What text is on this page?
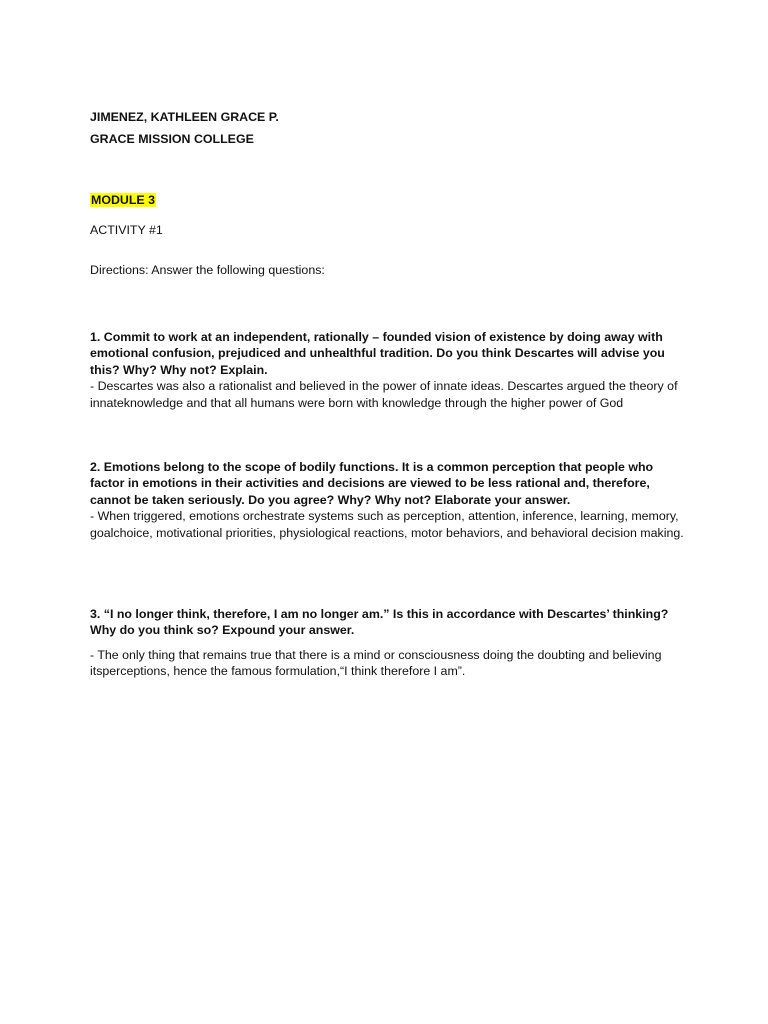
JIMENEZ, KATHLEEN GRACE P.
GRACE MISSION COLLEGE
MODULE 3
ACTIVITY #1
Directions: Answer the following questions:

1. Commit to work at an independent, rationally – founded vision of existence by doing away with emotional confusion, prejudiced and unhealthful tradition. Do you think Descartes will advise you this? Why? Why not? Explain.

- Descartes was also a rationalist and believed in the power of innate ideas. Descartes argued the theory of innateknowledge and that all humans were born with knowledge through the higher power of God

2. Emotions belong to the scope of bodily functions. It is a common perception that people who factor in emotions in their activities and decisions are viewed to be less rational and, therefore, cannot be taken seriously. Do you agree? Why? Why not? Elaborate your answer.

- When triggered, emotions orchestrate systems such as perception, attention, inference, learning, memory, goalchoice, motivational priorities, physiological reactions, motor behaviors, and behavioral decision making.

3. “I no longer think, therefore, I am no longer am.” Is this in accordance with Descartes’ thinking? Why do you think so? Expound your answer.

- The only thing that remains true that there is a mind or consciousness doing the doubting and believing itsperceptions, hence the famous formulation,“I think therefore I am”.
